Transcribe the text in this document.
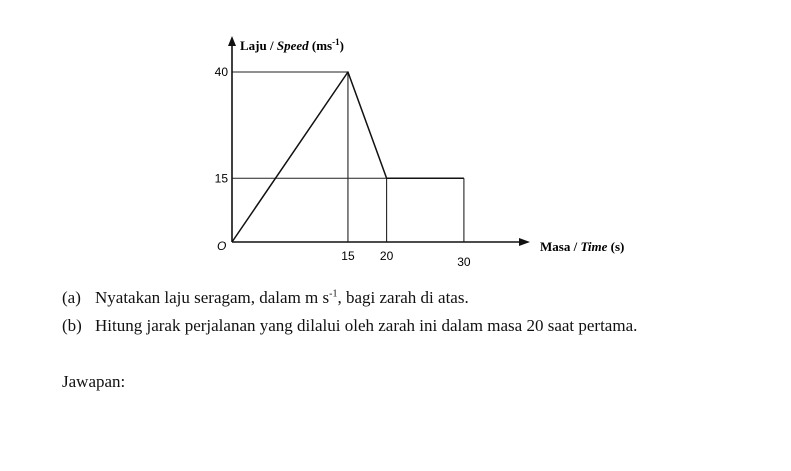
15 20	30
40
15
Laju / Speed $(ms^{-1})$
Masa / Time (s)
O
(a) Nyatakan laju seragam, dalam m $s^{-1}$, bagi zarah di atas.
(b) Hitung jarak perjalanan yang dilalui oleh zarah ini dalam masa 20 saat pertama.
Jawapan:
